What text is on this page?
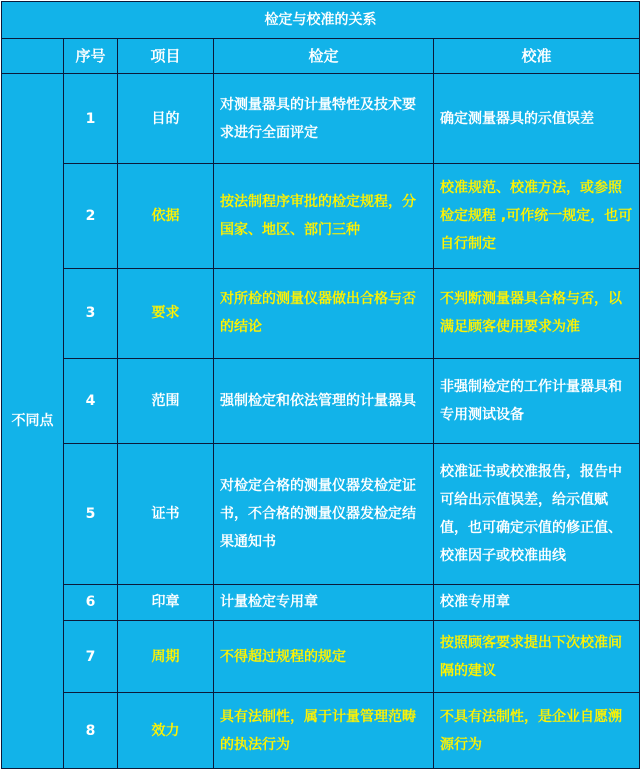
检定与校准的关系				
	序号	项目	检定	校准
不同点	1	目的	对测量器具的计量特性及技术要求进行全面评定	确定测量器具的示值误差
	2	依据	按法制程序审批的检定规程，分国家、地区、部门三种	校准规范、校准方法，或参照检定规程 ,可作统一规定，也可自行制定
	3	要求	对所检的测量仪器做出合格与否的结论	不判断测量器具合格与否，以满足顾客使用要求为准
	4	范围	强制检定和依法管理的计量器具	非强制检定的工作计量器具和专用测试设备
	5	证书	对检定合格的测量仪器发检定证书，不合格的测量仪器发检定结果通知书	校准证书或校准报告，报告中可给出示值误差，给示值赋值，也可确定示值的修正值、校准因子或校准曲线
	6	印章	计量检定专用章	校准专用章
	7	周期	不得超过规程的规定	按照顾客要求提出下次校准间隔的建议
	8	效力	具有法制性，属于计量管理范畴的执法行为	不具有法制性，是企业自愿溯源行为
